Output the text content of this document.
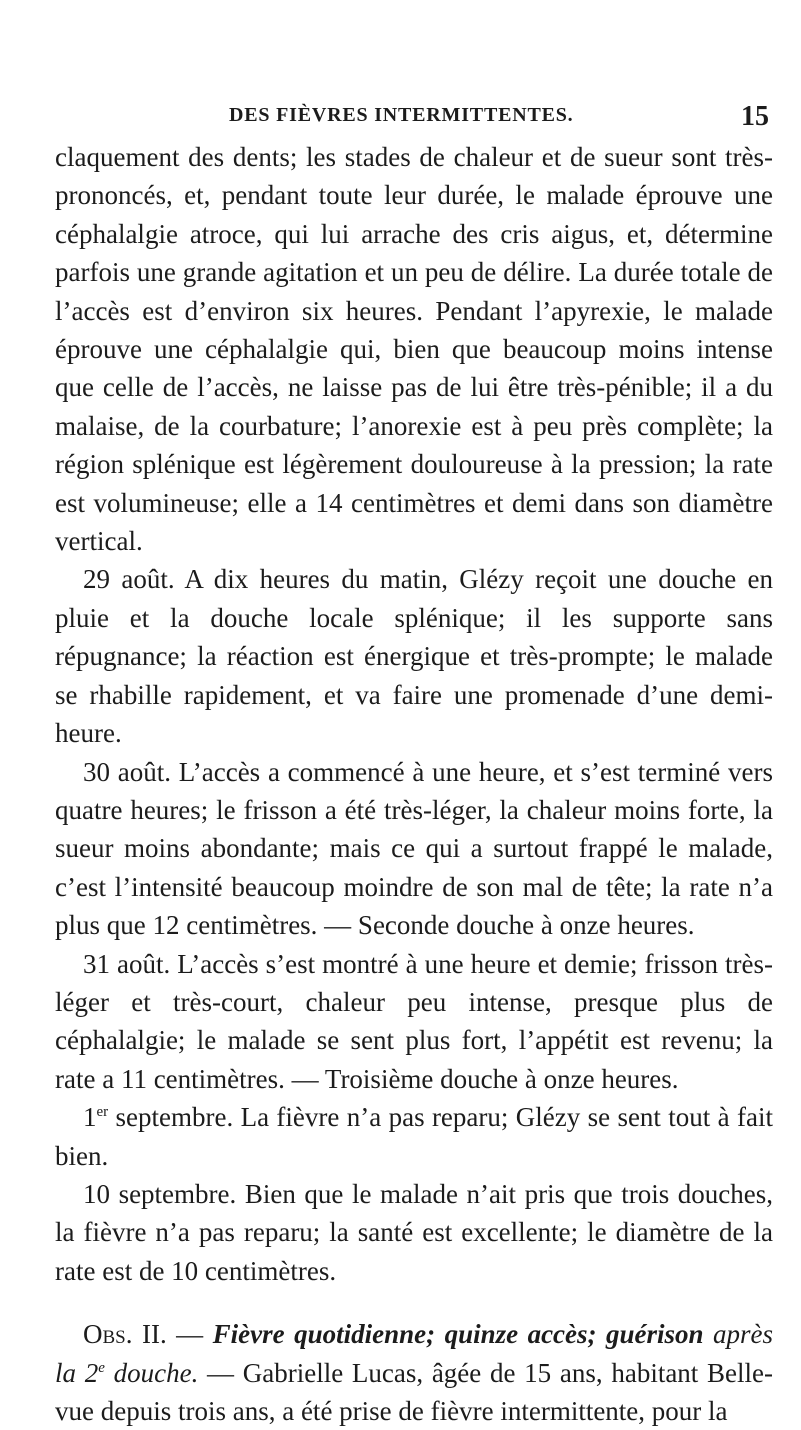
DES FIÈVRES INTERMITTENTES.	15

claquement des dents; les stades de chaleur et de sueur sont très-prononcés, et, pendant toute leur durée, le malade éprouve une céphalalgie atroce, qui lui arrache des cris aigus, et, détermine parfois une grande agitation et un peu de délire. La durée totale de l’accès est d’environ six heures. Pendant l’apyrexie, le malade éprouve une céphalalgie qui, bien que beaucoup moins intense que celle de l’accès, ne laisse pas de lui être très-pénible; il a du malaise, de la courbature; l’anorexie est à peu près complète; la région splénique est légèrement douloureuse à la pression; la rate est volumineuse; elle a 14 centimètres et demi dans son diamètre vertical.

29 août. A dix heures du matin, Glézy reçoit une douche en pluie et la douche locale splénique; il les supporte sans répugnance; la réaction est énergique et très-prompte; le malade se rhabille rapidement, et va faire une promenade d’une demi-heure.

30 août. L’accès a commencé à une heure, et s’est terminé vers quatre heures; le frisson a été très-léger, la chaleur moins forte, la sueur moins abondante; mais ce qui a surtout frappé le malade, c’est l’intensité beaucoup moindre de son mal de tête; la rate n’a plus que 12 centimètres. — Seconde douche à onze heures.

31 août. L’accès s’est montré à une heure et demie; frisson très-léger et très-court, chaleur peu intense, presque plus de céphalalgie; le malade se sent plus fort, l’appétit est revenu; la rate a 11 centimètres. — Troisième douche à onze heures.

1er septembre. La fièvre n’a pas reparu; Glézy se sent tout à fait bien.

10 septembre. Bien que le malade n’ait pris que trois douches, la fièvre n’a pas reparu; la santé est excellente; le diamètre de la rate est de 10 centimètres.

Obs. II. — Fièvre quotidienne; quinze accès; guérison après la 2e douche. — Gabrielle Lucas, âgée de 15 ans, habitant Belle-vue depuis trois ans, a été prise de fièvre intermittente, pour la
